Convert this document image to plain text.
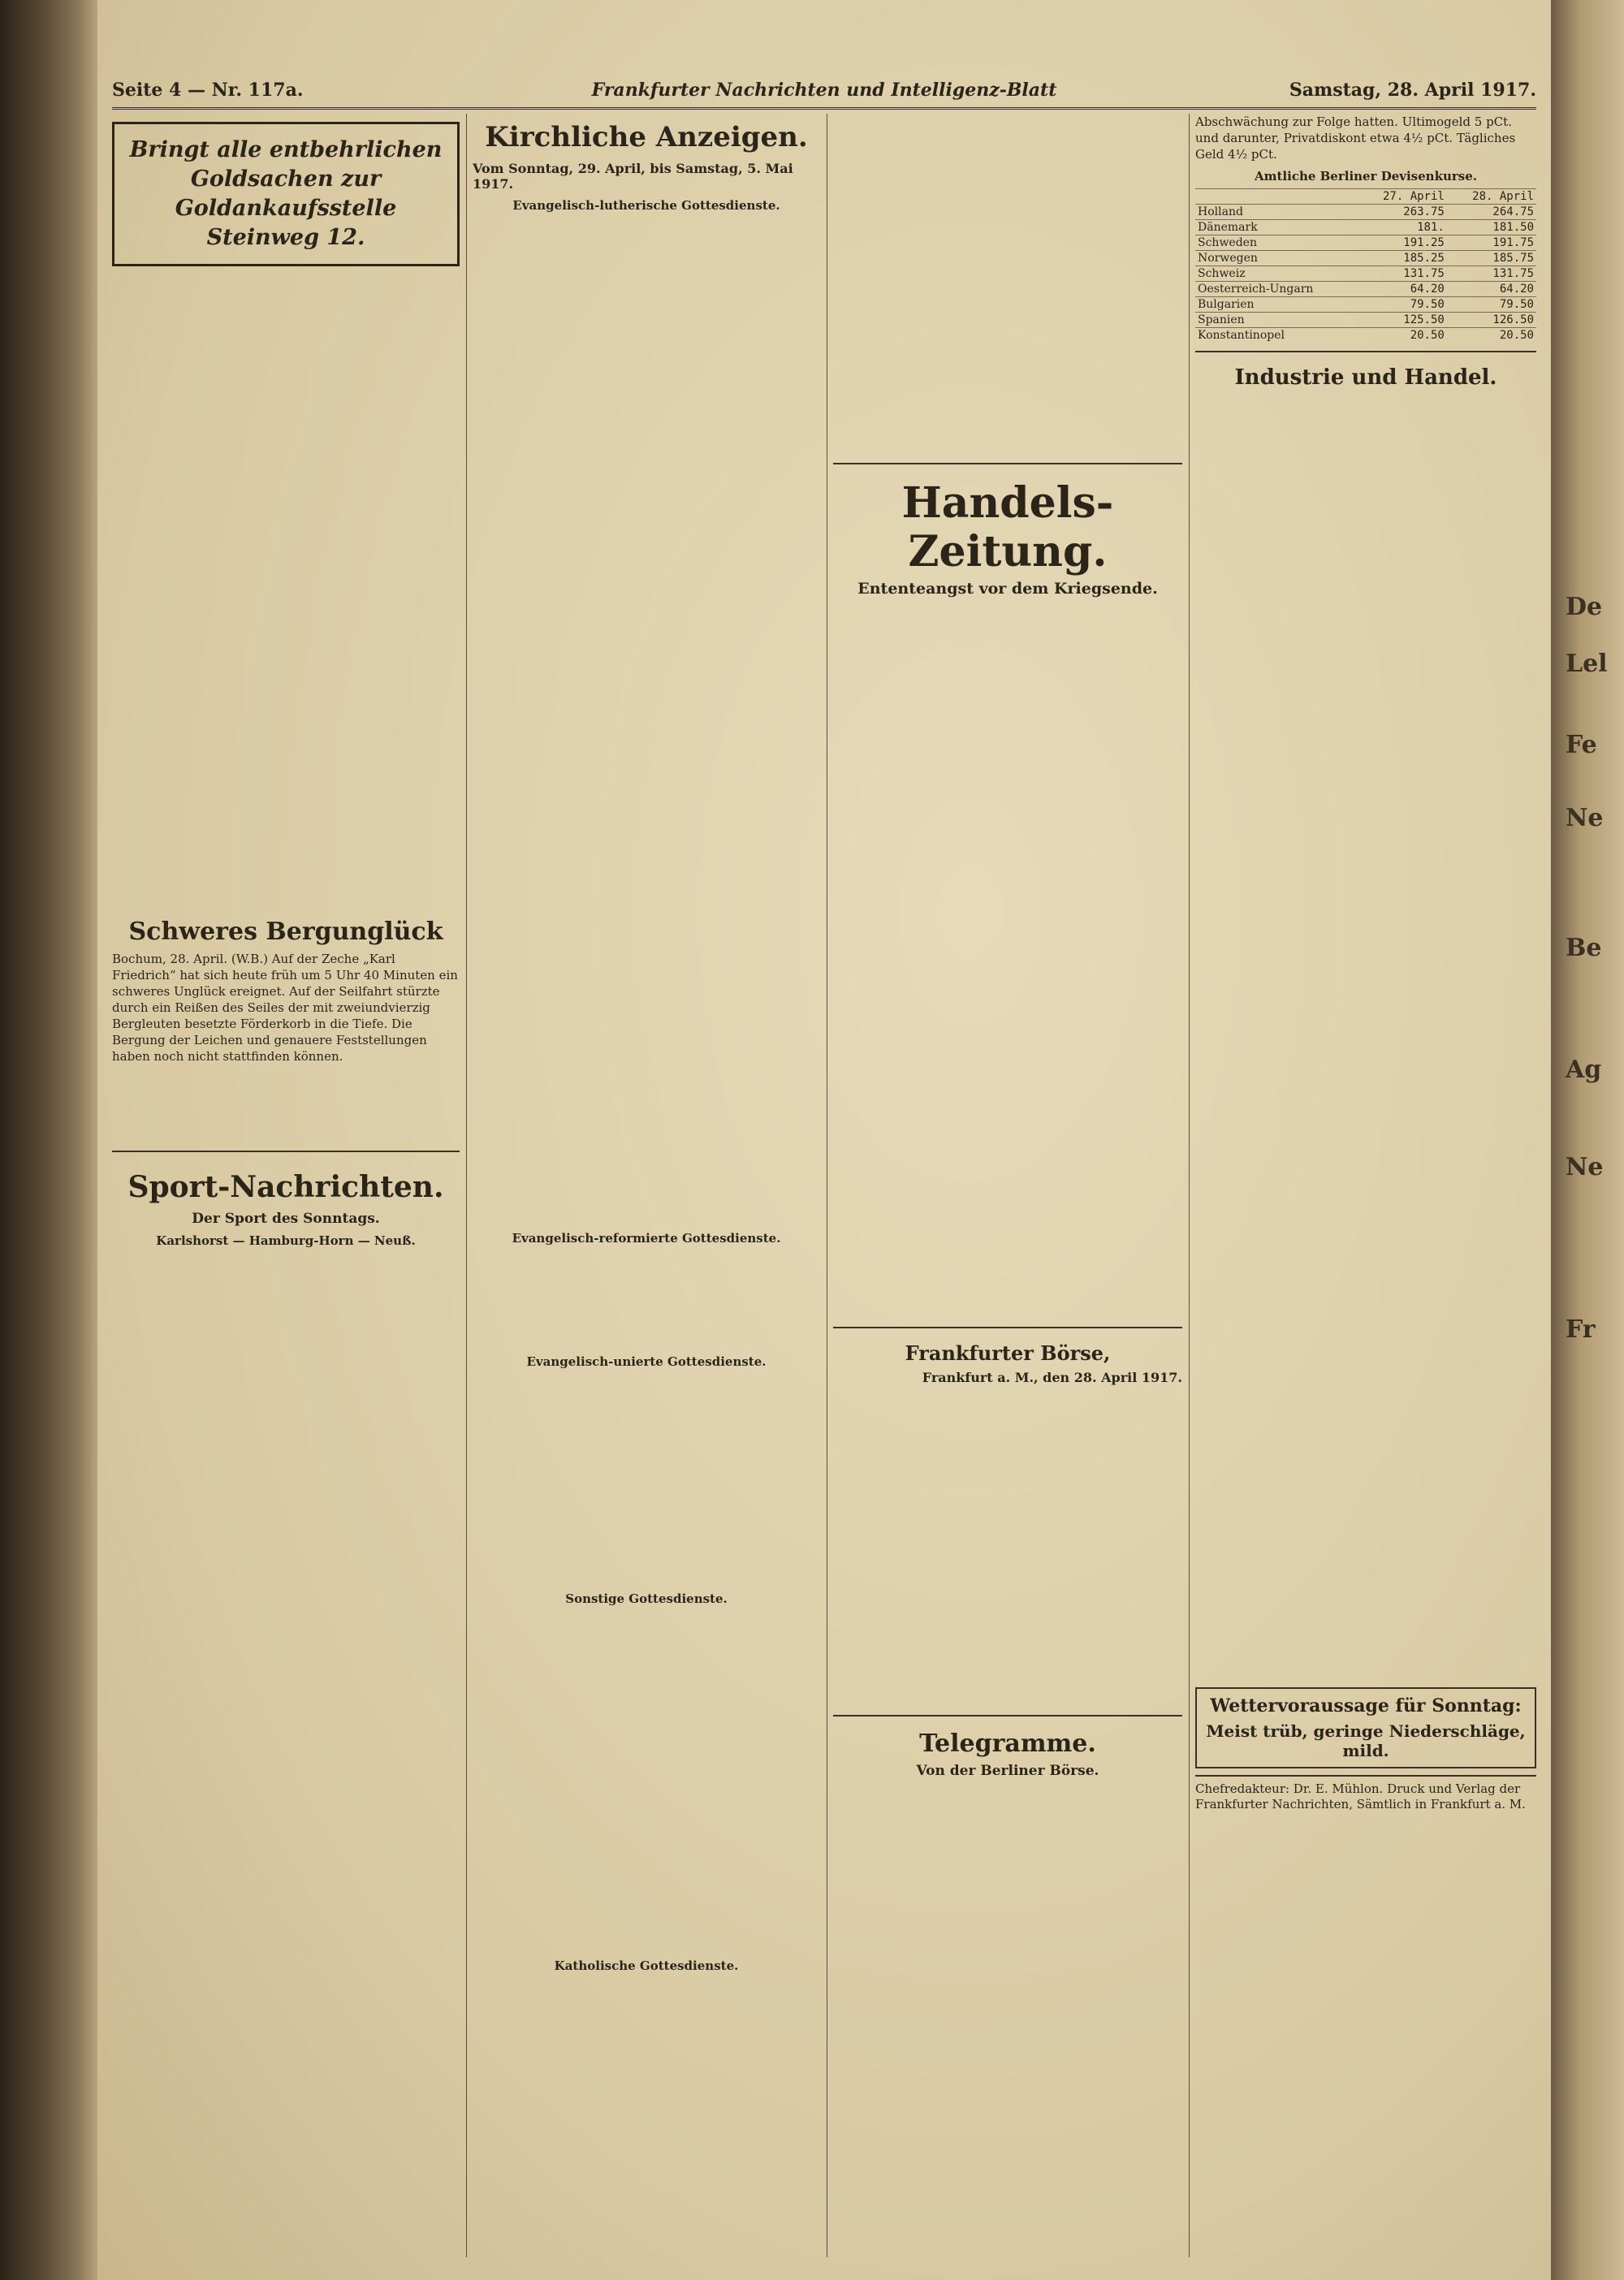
Seite 4 — Nr. 117a.	Frankfurter Nachrichten und Intelligenz-Blatt	Samstag, 28. April 1917.
Bringt alle entbehrlichen Goldsachen zur Goldankaufsstelle Steinweg 12.
Schweres Bergunglück
Bochum, 28. April. (W.B.) Auf der Zeche „Karl Friedrich“ hat sich heute früh um 5 Uhr 40 Minuten ein schweres Unglück ereignet. Auf der Seilfahrt stürzte durch ein Reißen des Seiles der mit zweiundvierzig Bergleuten besetzte Förderkorb in die Tiefe. Die Bergung der Leichen und genauere Feststellungen haben noch nicht stattfinden können.
Sport-Nachrichten.
Der Sport des Sonntags.
Karlshorst — Hamburg-Horn — Neuß.
Kirchliche Anzeigen.
Vom Sonntag, 29. April, bis Samstag, 5. Mai 1917.
Evangelisch-lutherische Gottesdienste.
Evangelisch-reformierte Gottesdienste.
Evangelisch-unierte Gottesdienste.
Sonstige Gottesdienste.
Katholische Gottesdienste.
Handels-Zeitung.
Ententeangst vor dem Kriegsende.
Frankfurter Börse,
Frankfurt a. M., den 28. April 1917.
Telegramme.
Von der Berliner Börse.
Abschwächung zur Folge hatten. Ultimogeld 5 pCt. und darunter, Privatdiskont etwa 4½ pCt. Tägliches Geld 4½ pCt.
Amtliche Berliner Devisenkurse.
	27. April	28. April
Holland	263.75	264.75
Dänemark	181.	181.50
Schweden	191.25	191.75
Norwegen	185.25	185.75
Schweiz	131.75	131.75
Oesterreich-Ungarn	64.20	64.20
Bulgarien	79.50	79.50
Spanien	125.50	126.50
Konstantinopel	20.50	20.50
Industrie und Handel.
Wettervoraussage für Sonntag:
Meist trüb, geringe Niederschläge, mild.
Chefredakteur: Dr. E. Mühlon. Druck und Verlag der Frankfurter Nachrichten, Sämtlich in Frankfurt a. M.
De
Lel
Fe
Ne
Be
Ag
Ne
Fr
